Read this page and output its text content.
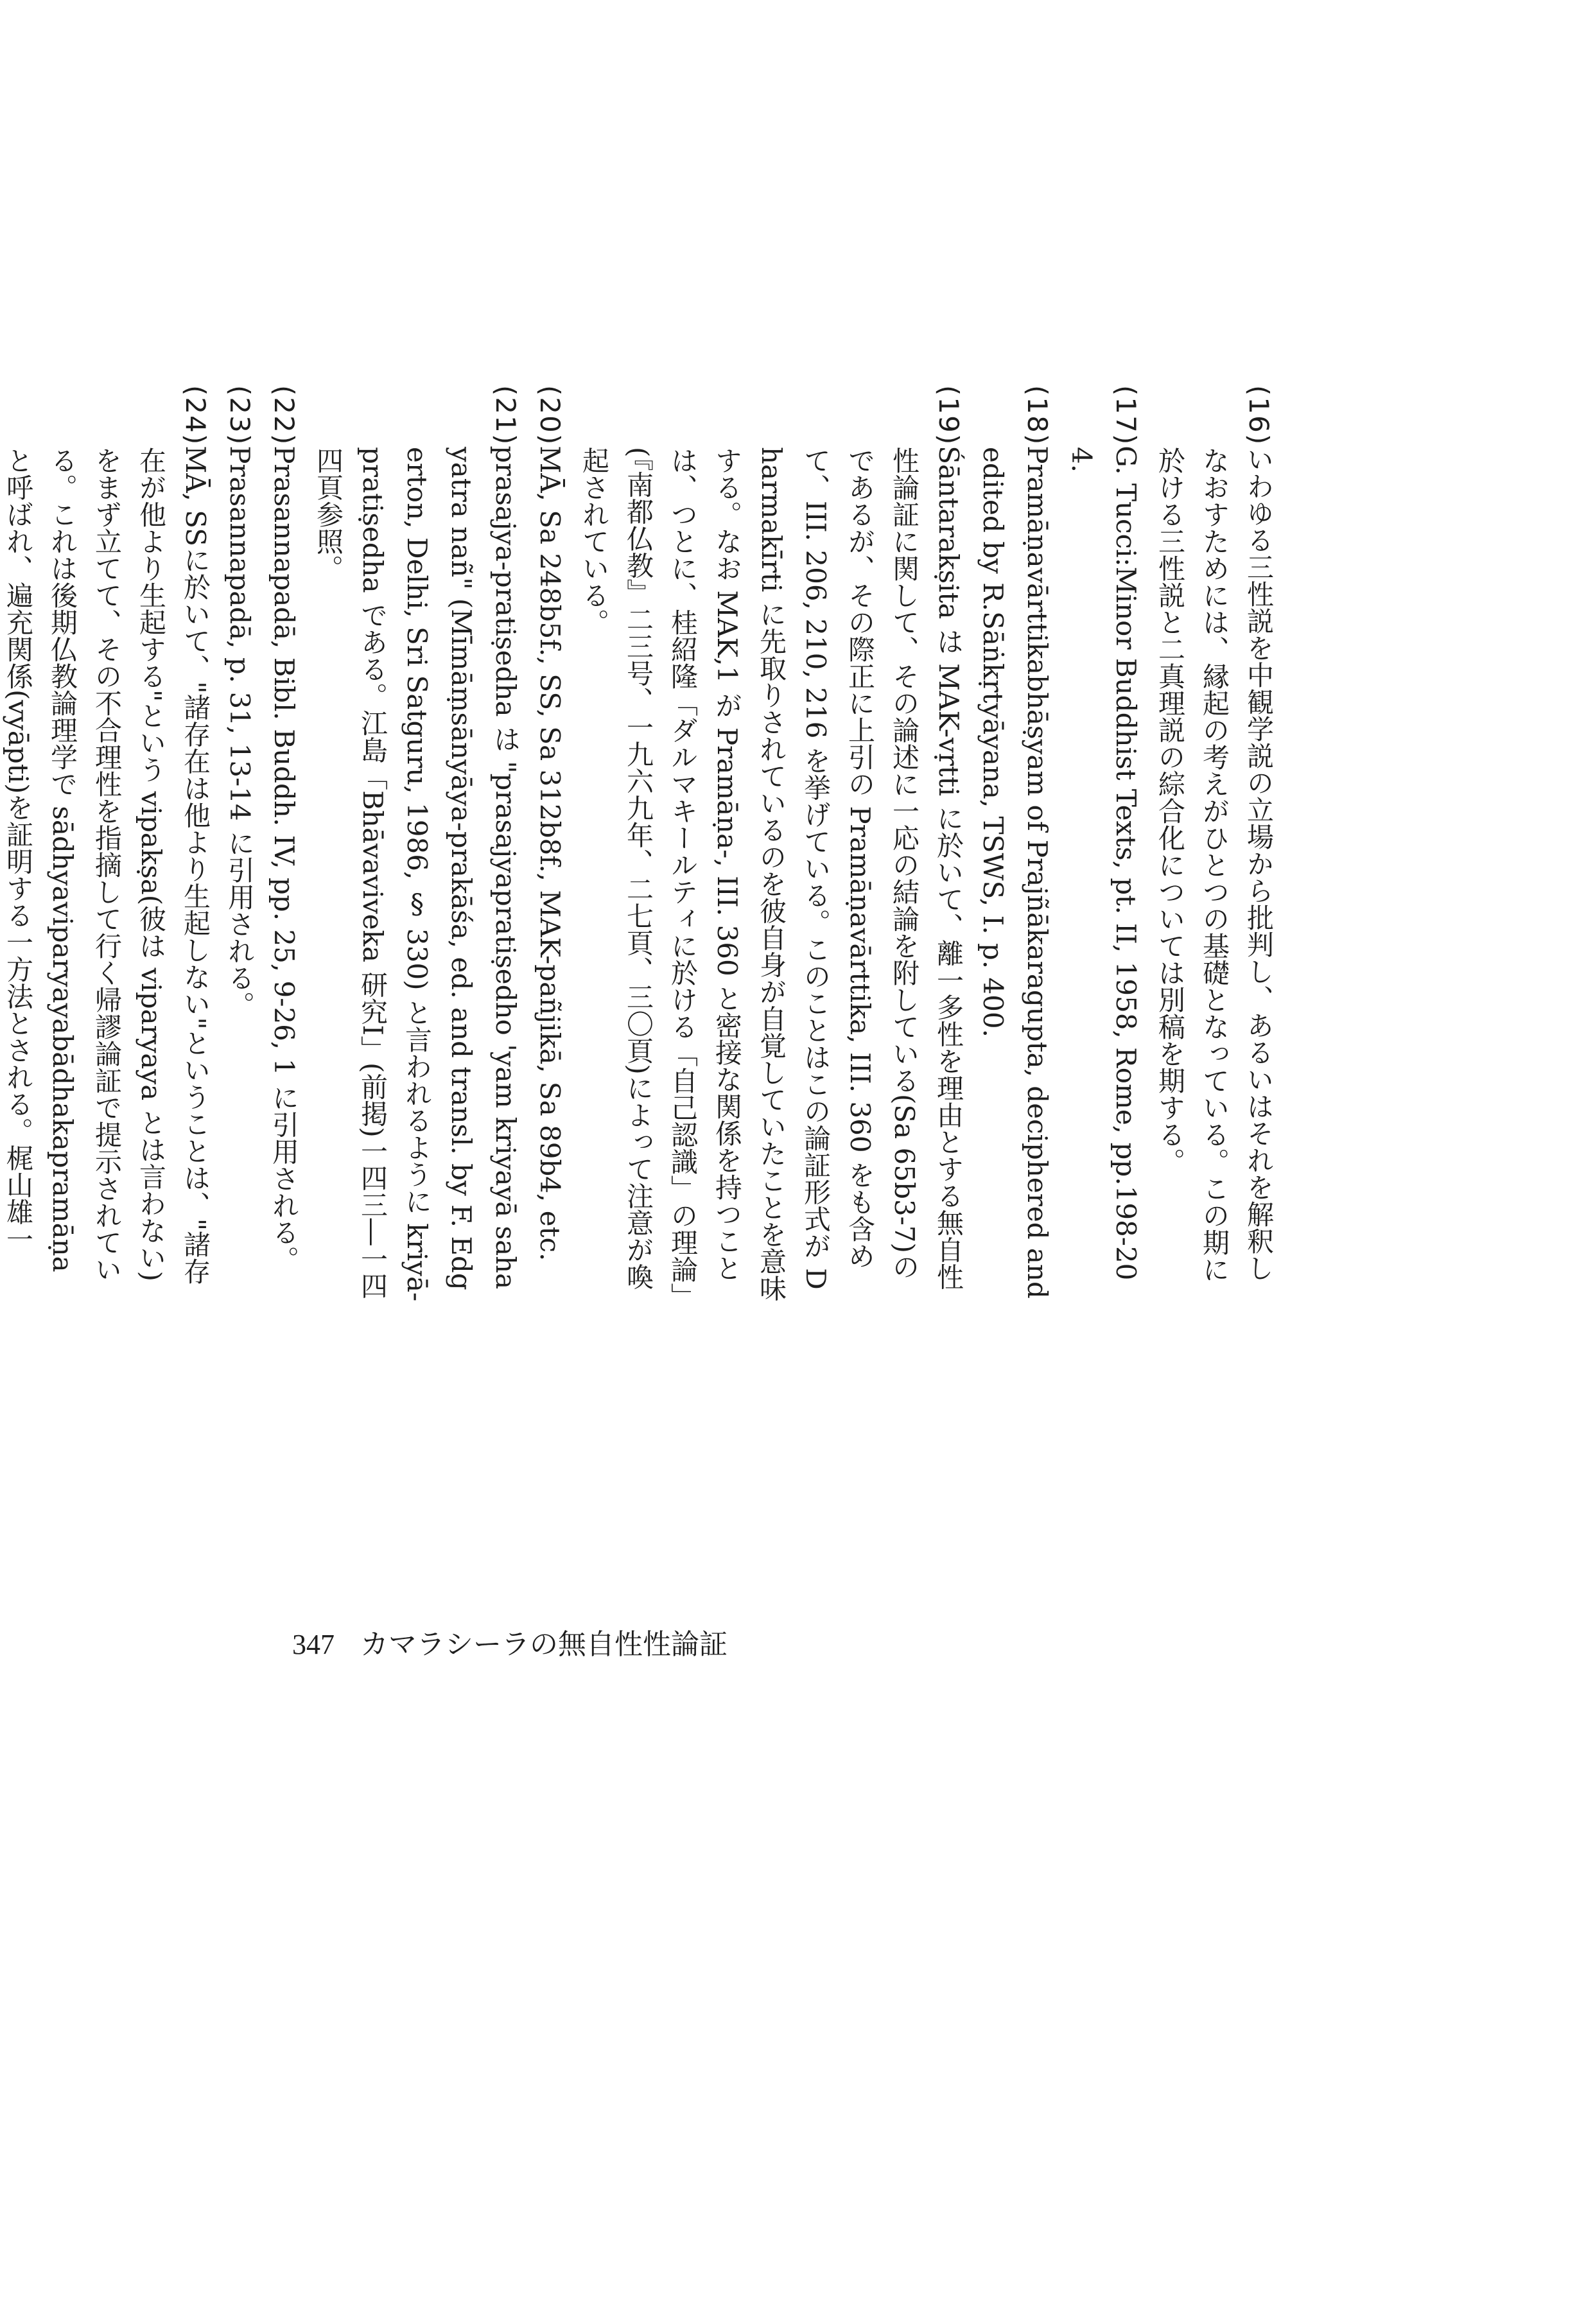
(16)いわゆる三性説を中観学説の立場から批判し、あるいはそれを解釈しなおすためには、縁起の考えがひとつの基礎となっている。この期に於ける三性説と二真理説の綜合化については別稿を期する。

(17)G. Tucci:Minor Buddhist Texts, pt. II, 1958, Rome, pp.198-204.

(18)Pramāṇavārttikabhāṣyam of Prajñākaragupta, deciphered and edited by R.Sāṅkṛtyāyana, TSWS, I. p. 400.

(19)Śāntarakṣita は MAK-vṛtti に於いて、離一多性を理由とする無自性性論証に関して、その論述に一応の結論を附している(Sa 65b3-7)のであるが、その際正に上引の Pramāṇavārttika, III. 360 をも含めて、III. 206, 210, 216 を挙げている。このことはこの論証形式が Dharmakīrti に先取りされているのを彼自身が自覚していたことを意味する。なお MAK,1 が Pramāṇa-, III. 360 と密接な関係を持つことは、つとに、桂紹隆「ダルマキールティに於ける「自己認識」の理論」(『南都仏教』二三号、一九六九年、二七頁、三〇頁)によって注意が喚起されている。

(20)MĀ, Sa 248b5f., SS, Sa 312b8f., MAK-pañjikā, Sa 89b4, etc.

(21)prasajya-pratiṣedha は "prasajyapratiṣedho 'yam kriyayā saha yatra nañ" (Mīmāṃsānyāya-prakāśa, ed. and transl. by F. Edgerton, Delhi, Sri Satguru, 1986, § 330) と言われるように kriyā-pratiṣedha である。江島「Bhāvaviveka 研究I」(前掲)一四三―一四四頁参照。

(22)Prasannapadā, Bibl. Buddh. IV, pp. 25, 9-26, 1 に引用される。

(23)Prasannapadā, p. 31, 13-14 に引用される。

(24)MĀ, SSに於いて、"諸存在は他より生起しない"ということは、"諸存在が他より生起する"という vipakṣa(彼は viparyaya とは言わない)をまず立てて、その不合理性を指摘して行く帰謬論証で提示されている。これは後期仏教論理学で sādhyaviparyayabādhakapramāṇa と呼ばれ、遍充関係(vyāpti)を証明する一方法とされる。梶山雄一

347 カマラシーラの無自性性論証
